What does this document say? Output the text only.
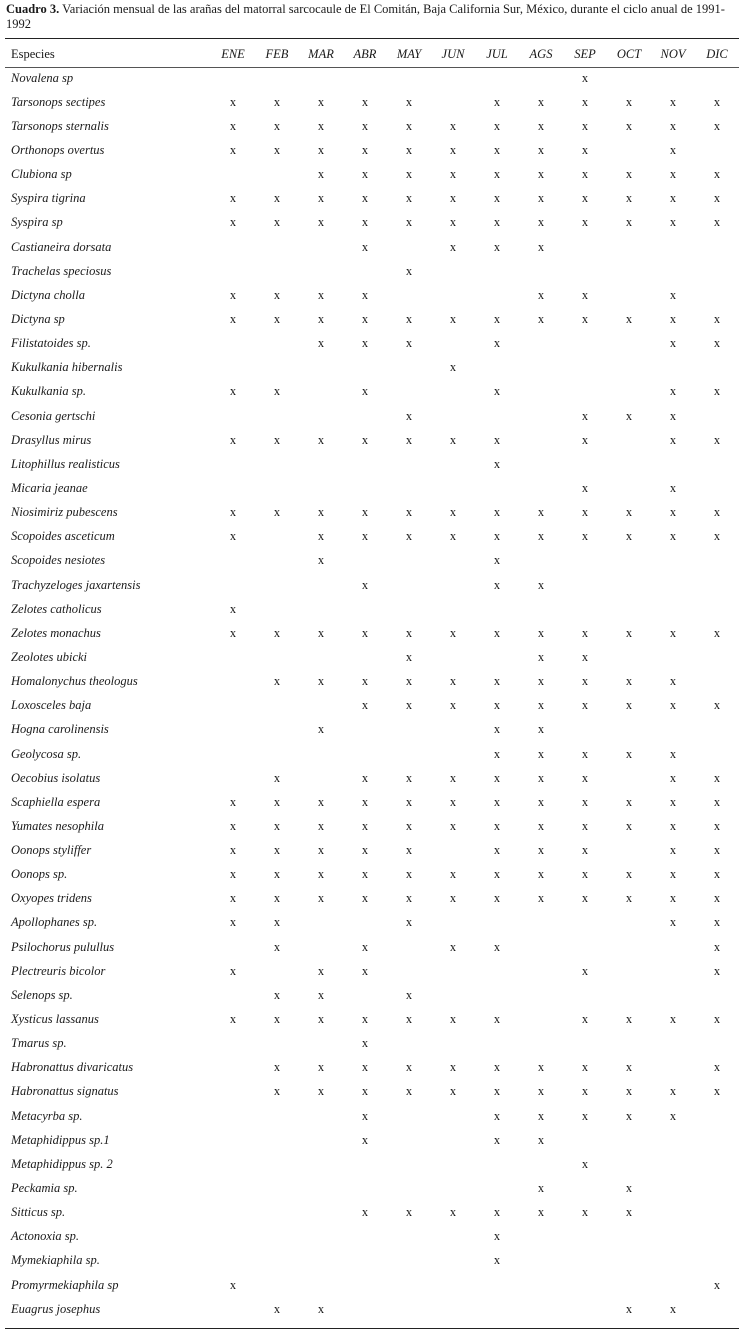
Cuadro 3. Variación mensual de las arañas del matorral sarcocaule de El Comitán, Baja California Sur, México, durante el ciclo anual de 1991-1992
Especies	ENE	FEB	MAR	ABR	MAY	JUN	JUL	AGS	SEP	OCT	NOV	DIC
Novalena sp									x			
Tarsonops sectipes	x	x	x	x	x		x	x	x	x	x	x
Tarsonops sternalis	x	x	x	x	x	x	x	x	x	x	x	x
Orthonops overtus	x	x	x	x	x	x	x	x	x		x	
Clubiona sp			x	x	x	x	x	x	x	x	x	x
Syspira tigrina	x	x	x	x	x	x	x	x	x	x	x	x
Syspira sp	x	x	x	x	x	x	x	x	x	x	x	x
Castianeira dorsata				x		x	x	x				
Trachelas speciosus					x							
Dictyna cholla	x	x	x	x				x	x		x	
Dictyna sp	x	x	x	x	x	x	x	x	x	x	x	x
Filistatoides sp.			x	x	x		x				x	x
Kukulkania hibernalis						x						
Kukulkania sp.	x	x		x			x				x	x
Cesonia gertschi					x				x	x	x	
Drasyllus mirus	x	x	x	x	x	x	x		x		x	x
Litophillus realisticus							x					
Micaria jeanae									x		x	
Niosimiriz pubescens	x	x	x	x	x	x	x	x	x	x	x	x
Scopoides asceticum	x		x	x	x	x	x	x	x	x	x	x
Scopoides nesiotes			x				x					
Trachyzeloges jaxartensis				x			x	x				
Zelotes catholicus	x											
Zelotes monachus	x	x	x	x	x	x	x	x	x	x	x	x
Zeolotes ubicki					x			x	x			
Homalonychus theologus		x	x	x	x	x	x	x	x	x	x	
Loxosceles baja				x	x	x	x	x	x	x	x	x
Hogna carolinensis			x				x	x				
Geolycosa sp.							x	x	x	x	x	
Oecobius isolatus		x		x	x	x	x	x	x		x	x
Scaphiella espera	x	x	x	x	x	x	x	x	x	x	x	x
Yumates nesophila	x	x	x	x	x	x	x	x	x	x	x	x
Oonops styliffer	x	x	x	x	x		x	x	x		x	x
Oonops sp.	x	x	x	x	x	x	x	x	x	x	x	x
Oxyopes tridens	x	x	x	x	x	x	x	x	x	x	x	x
Apollophanes sp.	x	x			x						x	x
Psilochorus pulullus		x		x		x	x					x
Plectreuris bicolor	x		x	x					x			x
Selenops sp.		x	x		x							
Xysticus lassanus	x	x	x	x	x	x	x		x	x	x	x
Tmarus sp.				x								
Habronattus divaricatus		x	x	x	x	x	x	x	x	x		x
Habronattus signatus		x	x	x	x	x	x	x	x	x	x	x
Metacyrba sp.				x			x	x	x	x	x	
Metaphidippus sp.1				x			x	x				
Metaphidippus sp. 2									x			
Peckamia sp.								x		x		
Sitticus sp.				x	x	x	x	x	x	x		
Actonoxia sp.							x					
Mymekiaphila sp.							x					
Promyrmekiaphila sp	x											x
Euagrus josephus		x	x							x	x	
